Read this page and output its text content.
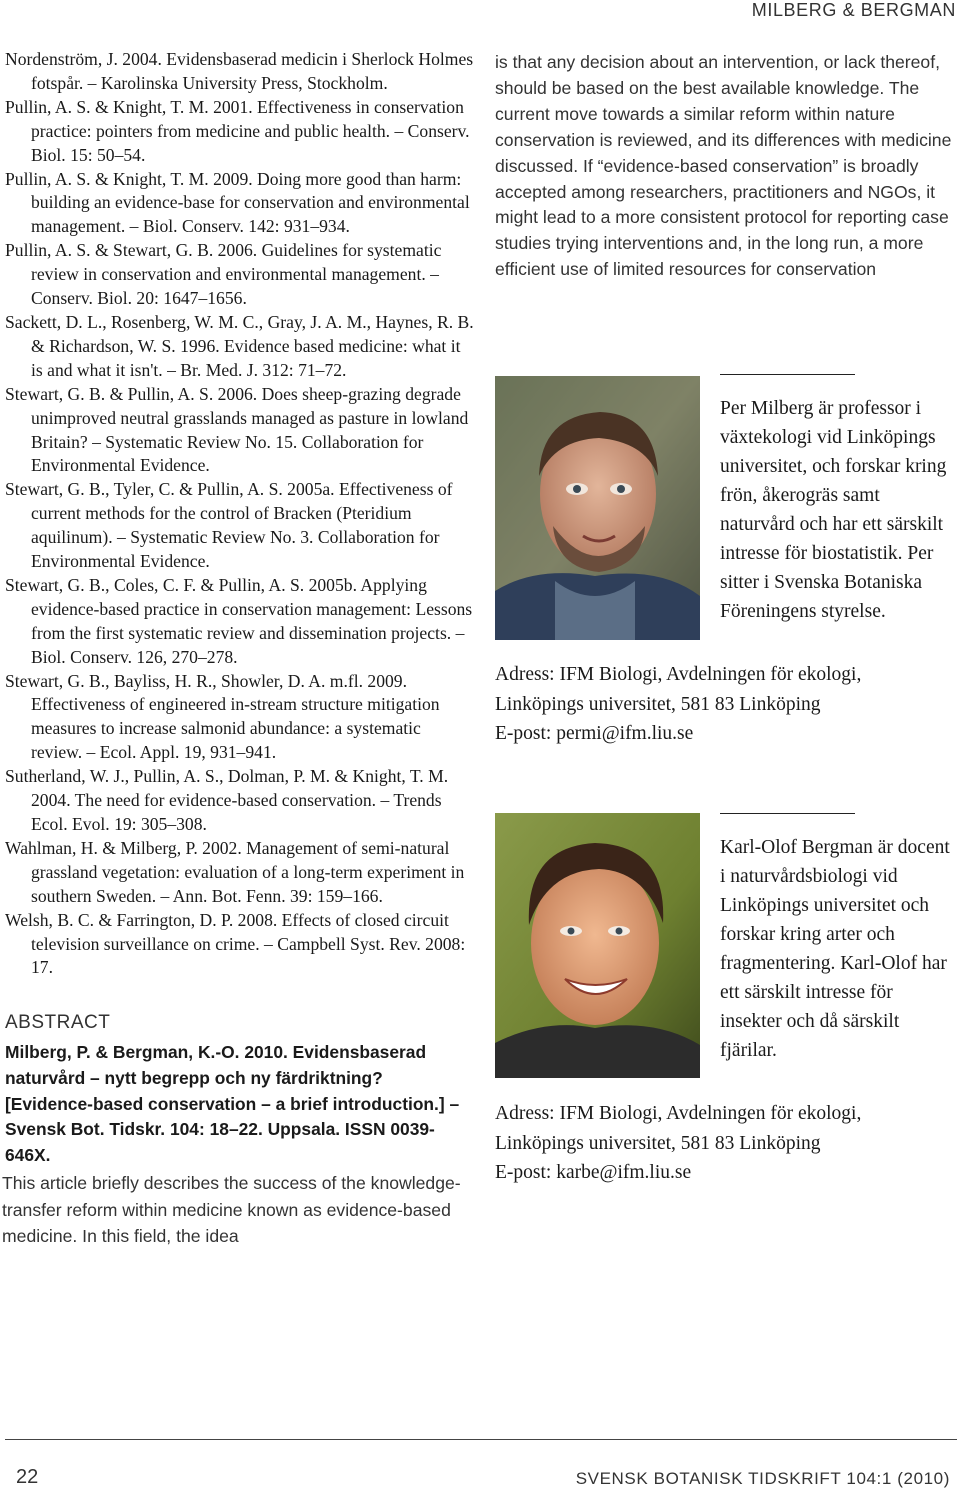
MILBERG & BERGMAN

Nordenström, J. 2004. Evidensbaserad medicin i Sherlock Holmes fotspår. – Karolinska University Press, Stockholm.

Pullin, A. S. & Knight, T. M. 2001. Effectiveness in conservation practice: pointers from medicine and public health. – Conserv. Biol. 15: 50–54.

Pullin, A. S. & Knight, T. M. 2009. Doing more good than harm: building an evidence-base for conservation and environmental management. – Biol. Conserv. 142: 931–934.

Pullin, A. S. & Stewart, G. B. 2006. Guidelines for systematic review in conservation and environmental management. – Conserv. Biol. 20: 1647–1656.

Sackett, D. L., Rosenberg, W. M. C., Gray, J. A. M., Haynes, R. B. & Richardson, W. S. 1996. Evidence based medicine: what it is and what it isn't. – Br. Med. J. 312: 71–72.

Stewart, G. B. & Pullin, A. S. 2006. Does sheep-grazing degrade unimproved neutral grasslands managed as pasture in lowland Britain? – Systematic Review No. 15. Collaboration for Environmental Evidence.

Stewart, G. B., Tyler, C. & Pullin, A. S. 2005a. Effectiveness of current methods for the control of Bracken (Pteridium aquilinum). – Systematic Review No. 3. Collaboration for Environmental Evidence.

Stewart, G. B., Coles, C. F. & Pullin, A. S. 2005b. Applying evidence-based practice in conservation management: Lessons from the first systematic review and dissemination projects. – Biol. Conserv. 126, 270–278.

Stewart, G. B., Bayliss, H. R., Showler, D. A. m.fl. 2009. Effectiveness of engineered in-stream structure mitigation measures to increase salmonid abundance: a systematic review. – Ecol. Appl. 19, 931–941.

Sutherland, W. J., Pullin, A. S., Dolman, P. M. & Knight, T. M. 2004. The need for evidence-based conservation. – Trends Ecol. Evol. 19: 305–308.

Wahlman, H. & Milberg, P. 2002. Management of semi-natural grassland vegetation: evaluation of a long-term experiment in southern Sweden. – Ann. Bot. Fenn. 39: 159–166.

Welsh, B. C. & Farrington, D. P. 2008. Effects of closed circuit television surveillance on crime. – Campbell Syst. Rev. 2008: 17.

ABSTRACT

Milberg, P. & Bergman, K.-O. 2010. Evidensbaserad naturvård – nytt begrepp och ny färdriktning? [Evidence-based conservation – a brief introduction.] – Svensk Bot. Tidskr. 104: 18–22. Uppsala. ISSN 0039-646X.

This article briefly describes the success of the knowledge-transfer reform within medicine known as evidence-based medicine. In this field, the idea

is that any decision about an intervention, or lack thereof, should be based on the best available knowledge. The current move towards a similar reform within nature conservation is reviewed, and its differences with medicine discussed. If “evidence-based conservation” is broadly accepted among researchers, practitioners and NGOs, it might lead to a more consistent protocol for reporting case studies trying interventions and, in the long run, a more efficient use of limited resources for conservation

Per Milberg är professor i växtekologi vid Linköpings universitet, och forskar kring frön, åkerogräs samt naturvård och har ett särskilt intresse för biostatistik. Per sitter i Svenska Botaniska Föreningens styrelse.

Adress: IFM Biologi, Avdelningen för ekologi,
Linköpings universitet, 581 83 Linköping
E-post: permi@ifm.liu.se

Karl-Olof Bergman är docent i naturvårdsbiologi vid Linköpings universitet och forskar kring arter och fragmentering. Karl-Olof har ett särskilt intresse för insekter och då särskilt fjärilar.

Adress: IFM Biologi, Avdelningen för ekologi,
Linköpings universitet, 581 83 Linköping
E-post: karbe@ifm.liu.se

22	SVENSK BOTANISK TIDSKRIFT 104:1 (2010)
